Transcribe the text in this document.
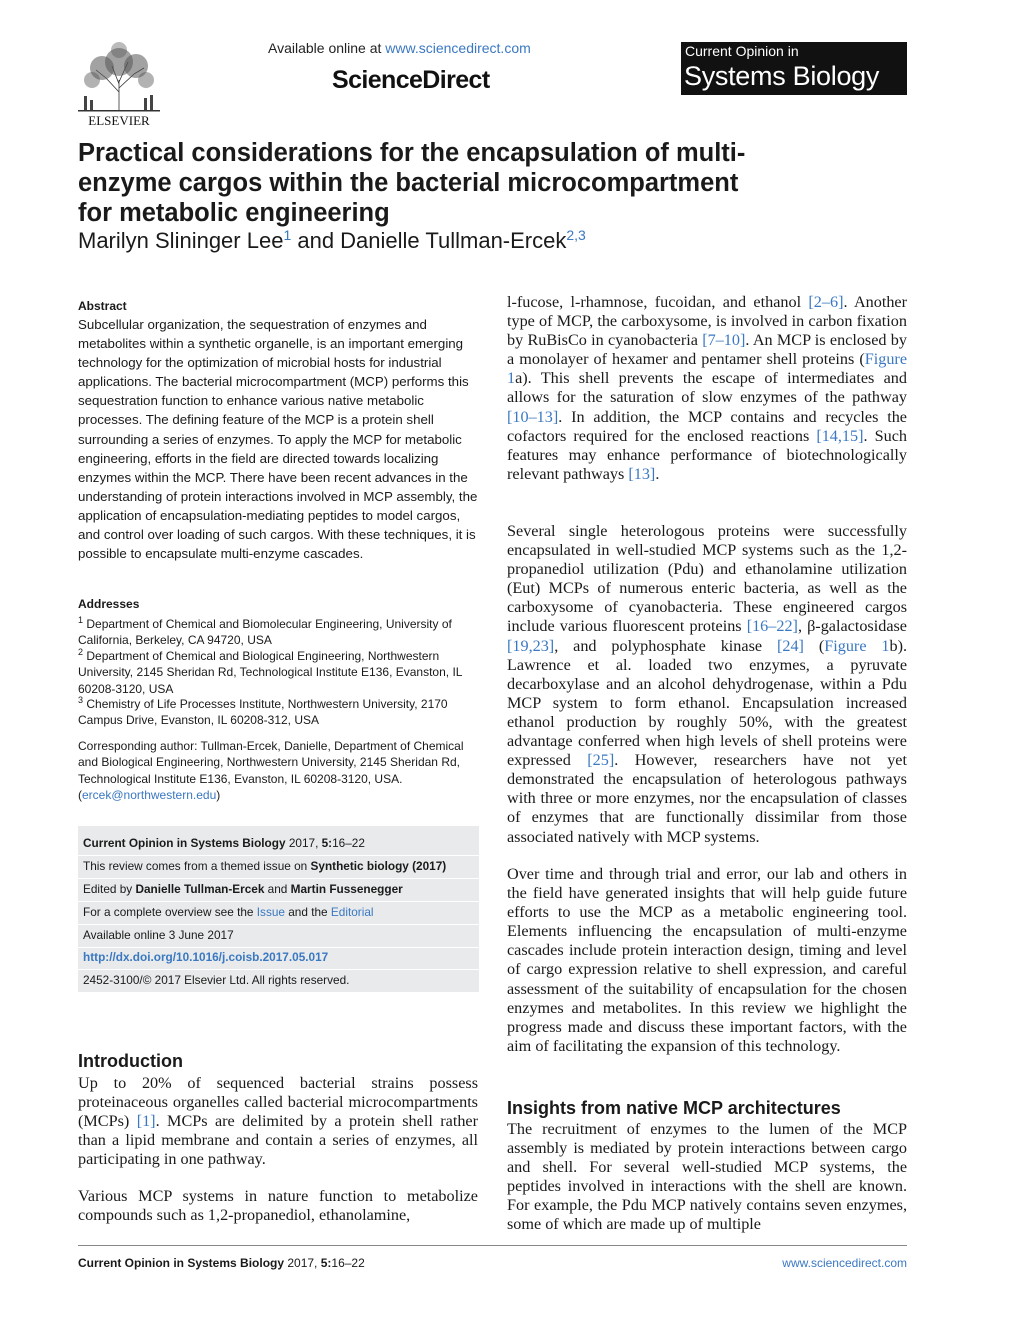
ELSEVIER
Available online at www.sciencedirect.com
ScienceDirect
Current Opinion in
Systems Biology
Practical considerations for the encapsulation of multi-enzyme cargos within the bacterial microcompartment for metabolic engineering
Marilyn Slininger Lee$^1$ and Danielle Tullman-Ercek$^{2,3}$
Abstract
Subcellular organization, the sequestration of enzymes and metabolites within a synthetic organelle, is an important emerging technology for the optimization of microbial hosts for industrial applications. The bacterial microcompartment (MCP) performs this sequestration function to enhance various native metabolic processes. The defining feature of the MCP is a protein shell surrounding a series of enzymes. To apply the MCP for metabolic engineering, efforts in the field are directed towards localizing enzymes within the MCP. There have been recent advances in the understanding of protein interactions involved in MCP assembly, the application of encapsulation-mediating peptides to model cargos, and control over loading of such cargos. With these techniques, it is possible to encapsulate multi-enzyme cascades.
Addresses
$^1$ Department of Chemical and Biomolecular Engineering, University of California, Berkeley, CA 94720, USA
$^2$ Department of Chemical and Biological Engineering, Northwestern University, 2145 Sheridan Rd, Technological Institute E136, Evanston, IL 60208-3120, USA
$^3$ Chemistry of Life Processes Institute, Northwestern University, 2170 Campus Drive, Evanston, IL 60208-312, USA
Corresponding author: Tullman-Ercek, Danielle, Department of Chemical and Biological Engineering, Northwestern University, 2145 Sheridan Rd, Technological Institute E136, Evanston, IL 60208-3120, USA. (ercek@northwestern.edu)
Current Opinion in Systems Biology 2017, 5:16–22
This review comes from a themed issue on Synthetic biology (2017)
Edited by Danielle Tullman-Ercek and Martin Fussenegger
For a complete overview see the Issue and the Editorial
Available online 3 June 2017
http://dx.doi.org/10.1016/j.coisb.2017.05.017
2452-3100/© 2017 Elsevier Ltd. All rights reserved.
Introduction
Up to 20% of sequenced bacterial strains possess proteinaceous organelles called bacterial microcompartments (MCPs) [1]. MCPs are delimited by a protein shell rather than a lipid membrane and contain a series of enzymes, all participating in one pathway.
Various MCP systems in nature function to metabolize compounds such as 1,2-propanediol, ethanolamine,
l-fucose, l-rhamnose, fucoidan, and ethanol [2–6]. Another type of MCP, the carboxysome, is involved in carbon fixation by RuBisCo in cyanobacteria [7–10]. An MCP is enclosed by a monolayer of hexamer and pentamer shell proteins (Figure 1a). This shell prevents the escape of intermediates and allows for the saturation of slow enzymes of the pathway [10–13]. In addition, the MCP contains and recycles the cofactors required for the enclosed reactions [14,15]. Such features may enhance performance of biotechnologically relevant pathways [13].
Several single heterologous proteins were successfully encapsulated in well-studied MCP systems such as the 1,2-propanediol utilization (Pdu) and ethanolamine utilization (Eut) MCPs of numerous enteric bacteria, as well as the carboxysome of cyanobacteria. These engineered cargos include various fluorescent proteins [16–22], β-galactosidase [19,23], and polyphosphate kinase [24] (Figure 1b). Lawrence et al. loaded two enzymes, a pyruvate decarboxylase and an alcohol dehydrogenase, within a Pdu MCP system to form ethanol. Encapsulation increased ethanol production by roughly 50%, with the greatest advantage conferred when high levels of shell proteins were expressed [25]. However, researchers have not yet demonstrated the encapsulation of heterologous pathways with three or more enzymes, nor the encapsulation of classes of enzymes that are functionally dissimilar from those associated natively with MCP systems.
Over time and through trial and error, our lab and others in the field have generated insights that will help guide future efforts to use the MCP as a metabolic engineering tool. Elements influencing the encapsulation of multi-enzyme cascades include protein interaction design, timing and level of cargo expression relative to shell expression, and careful assessment of the suitability of encapsulation for the chosen enzymes and metabolites. In this review we highlight the progress made and discuss these important factors, with the aim of facilitating the expansion of this technology.
Insights from native MCP architectures
The recruitment of enzymes to the lumen of the MCP assembly is mediated by protein interactions between cargo and shell. For several well-studied MCP systems, the peptides involved in interactions with the shell are known. For example, the Pdu MCP natively contains seven enzymes, some of which are made up of multiple
Current Opinion in Systems Biology 2017, 5:16–22	www.sciencedirect.com
